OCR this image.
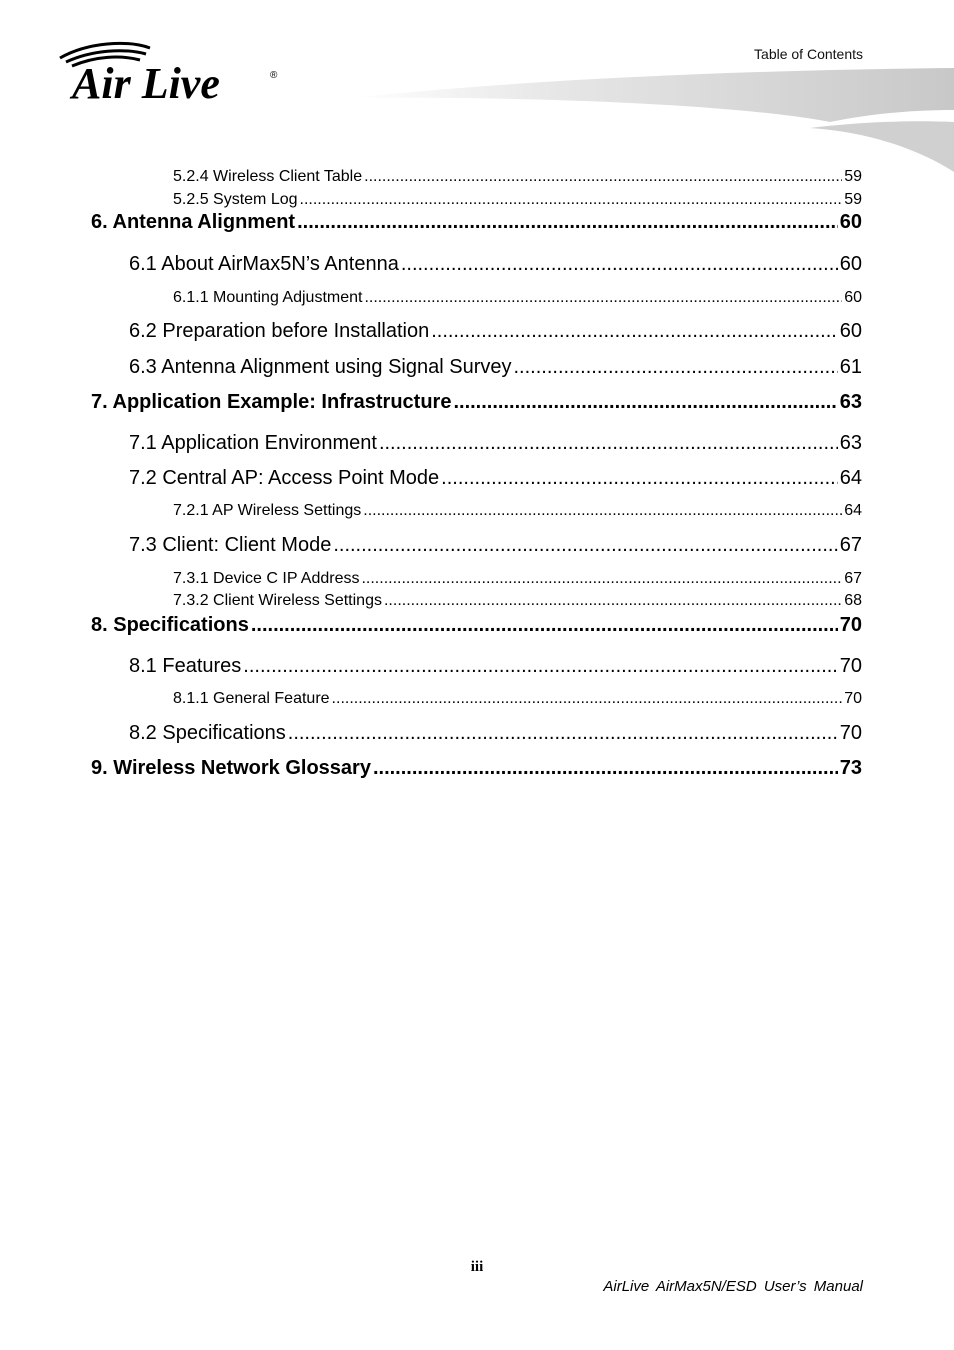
Air Live	®
Table of Contents
5.2.4 Wireless Client Table .....	59
5.2.5 System Log .....	59
6. Antenna Alignment .....	60
6.1 About AirMax5N’s Antenna .....	60
6.1.1 Mounting Adjustment .....	60
6.2 Preparation before Installation .....	60
6.3 Antenna Alignment using Signal Survey .....	61
7. Application Example: Infrastructure .....	63
7.1 Application Environment .....	63
7.2 Central AP: Access Point Mode .....	64
7.2.1 AP Wireless Settings .....	64
7.3 Client: Client Mode .....	67
7.3.1 Device C IP Address .....	67
7.3.2 Client Wireless Settings .....	68
8. Specifications .....	70
8.1 Features .....	70
8.1.1 General Feature .....	70
8.2 Specifications .....	70
9. Wireless Network Glossary .....	73
iii
AirLive AirMax5N/ESD User’s Manual
